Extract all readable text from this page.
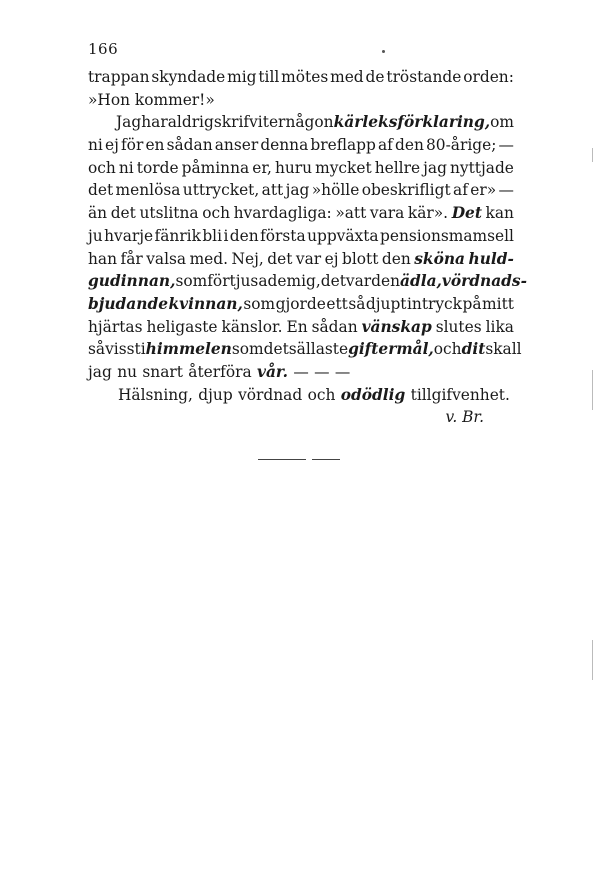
166
trappan skyndade mig till mötes med de tröstande orden:
»Hon kommer!»
Jag har aldrig skrifvit er någon kärleksförklaring, om
ni ej för en sådan anser denna breflapp af den 80-årige; —
och ni torde påminna er, huru mycket hellre jag nyttjade
det menlösa uttrycket, att jag »hölle obeskrifligt af er» —
än det utslitna och hvardagliga: »att vara kär». Det kan
ju hvarje fänrik bli i den första uppväxta pensionsmamsell
han får valsa med. Nej, det var ej blott den sköna huld-
gudinnan, som förtjusade mig, det var den ädla, vördnads-
bjudande kvinnan, som gjorde ett så djupt intryck på mitt
hjärtas heligaste känslor. En sådan vänskap slutes lika
så visst i himmelen som det sällaste giftermål, och dit skall
jag nu snart återföra vår. — — —
Hälsning, djup vördnad och odödlig tillgifvenhet.
v. Br.
